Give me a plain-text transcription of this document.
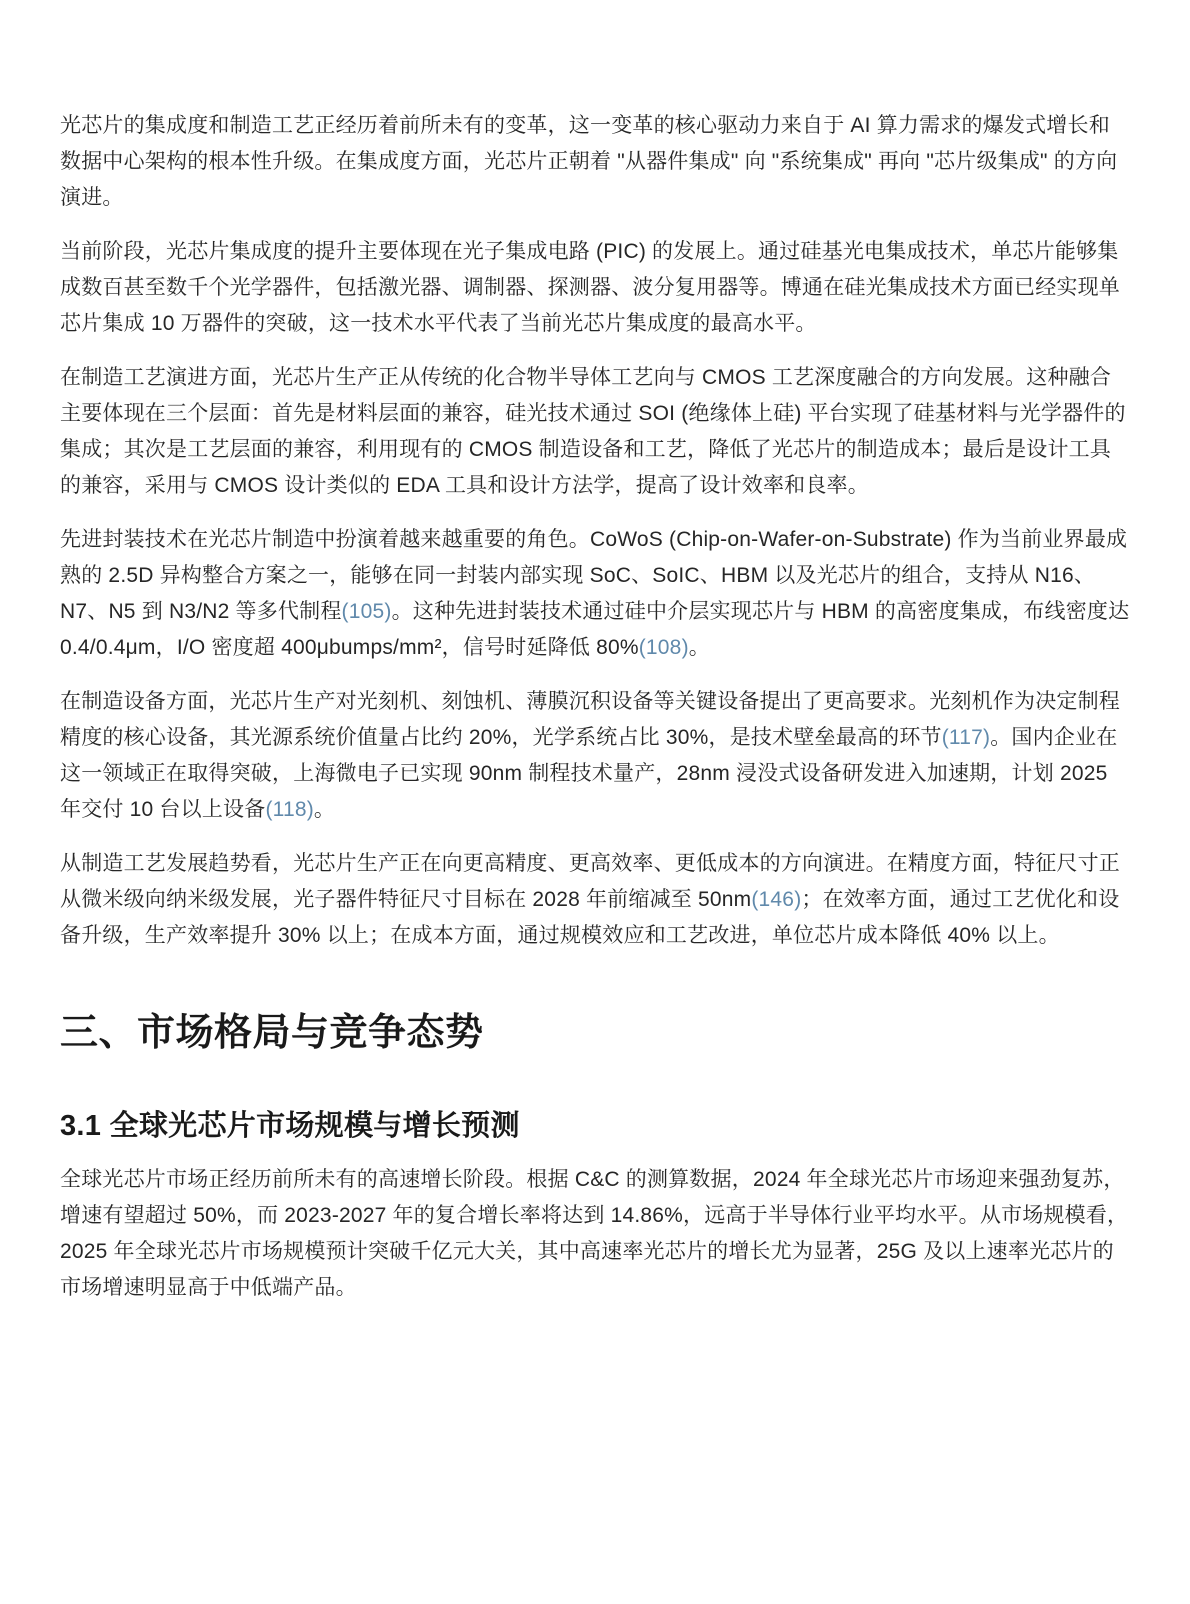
光芯片的集成度和制造工艺正经历着前所未有的变革，这一变革的核心驱动力来自于 AI 算力需求的爆发式增长和数据中心架构的根本性升级。在集成度方面，光芯片正朝着 "从器件集成" 向 "系统集成" 再向 "芯片级集成" 的方向演进。

当前阶段，光芯片集成度的提升主要体现在光子集成电路 (PIC) 的发展上。通过硅基光电集成技术，单芯片能够集成数百甚至数千个光学器件，包括激光器、调制器、探测器、波分复用器等。博通在硅光集成技术方面已经实现单芯片集成 10 万器件的突破，这一技术水平代表了当前光芯片集成度的最高水平。

在制造工艺演进方面，光芯片生产正从传统的化合物半导体工艺向与 CMOS 工艺深度融合的方向发展。这种融合主要体现在三个层面：首先是材料层面的兼容，硅光技术通过 SOI (绝缘体上硅) 平台实现了硅基材料与光学器件的集成；其次是工艺层面的兼容，利用现有的 CMOS 制造设备和工艺，降低了光芯片的制造成本；最后是设计工具的兼容，采用与 CMOS 设计类似的 EDA 工具和设计方法学，提高了设计效率和良率。

先进封装技术在光芯片制造中扮演着越来越重要的角色。CoWoS (Chip-on-Wafer-on-Substrate) 作为当前业界最成熟的 2.5D 异构整合方案之一，能够在同一封装内部实现 SoC、SoIC、HBM 以及光芯片的组合，支持从 N16、N7、N5 到 N3/N2 等多代制程(105)。这种先进封装技术通过硅中介层实现芯片与 HBM 的高密度集成，布线密度达 0.4/0.4μm，I/O 密度超 400μbumps/mm²，信号时延降低 80%(108)。

在制造设备方面，光芯片生产对光刻机、刻蚀机、薄膜沉积设备等关键设备提出了更高要求。光刻机作为决定制程精度的核心设备，其光源系统价值量占比约 20%，光学系统占比 30%，是技术壁垒最高的环节(117)。国内企业在这一领域正在取得突破，上海微电子已实现 90nm 制程技术量产，28nm 浸没式设备研发进入加速期，计划 2025 年交付 10 台以上设备(118)。

从制造工艺发展趋势看，光芯片生产正在向更高精度、更高效率、更低成本的方向演进。在精度方面，特征尺寸正从微米级向纳米级发展，光子器件特征尺寸目标在 2028 年前缩减至 50nm(146)；在效率方面，通过工艺优化和设备升级，生产效率提升 30% 以上；在成本方面，通过规模效应和工艺改进，单位芯片成本降低 40% 以上。

三、市场格局与竞争态势
3.1 全球光芯片市场规模与增长预测

全球光芯片市场正经历前所未有的高速增长阶段。根据 C&C 的测算数据，2024 年全球光芯片市场迎来强劲复苏，增速有望超过 50%，而 2023-2027 年的复合增长率将达到 14.86%，远高于半导体行业平均水平。从市场规模看，2025 年全球光芯片市场规模预计突破千亿元大关，其中高速率光芯片的增长尤为显著，25G 及以上速率光芯片的市场增速明显高于中低端产品。
